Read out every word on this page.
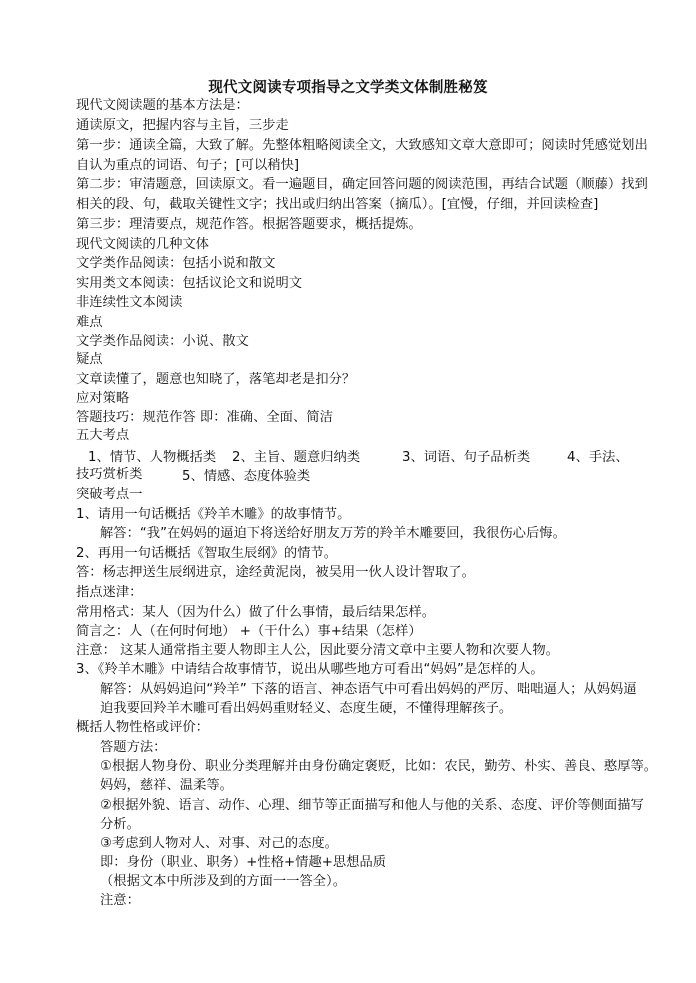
现代文阅读专项指导之文学类文体制胜秘笈
现代文阅读题的基本方法是：
通读原文，把握内容与主旨，三步走
第一步：通读全篇，大致了解。先整体粗略阅读全文，大致感知文章大意即可；阅读时凭感觉划出
自认为重点的词语、句子；[可以稍快]
第二步：审清题意，回读原文。看一遍题目，确定回答问题的阅读范围，再结合试题（顺藤）找到
相关的段、句，截取关键性文字；找出或归纳出答案（摘瓜）。[宜慢，仔细，并回读检查]
第三步：理清要点，规范作答。根据答题要求，概括提炼。
现代文阅读的几种文体
文学类作品阅读：包括小说和散文
实用类文本阅读：包括议论文和说明文
非连续性文本阅读
难点
文学类作品阅读：小说、散文
疑点
文章读懂了，题意也知晓了，落笔却老是扣分？
应对策略
答题技巧：规范作答 即：准确、全面、简洁
五大考点
1、情节、人物概括类 2、主旨、题意归纳类	3、词语、句子品析类	4、手法、
技巧赏析类	5、情感、态度体验类
突破考点一
1、请用一句话概括《羚羊木雕》的故事情节。
解答：“我”在妈妈的逼迫下将送给好朋友万芳的羚羊木雕要回，我很伤心后悔。
2、再用一句话概括《智取生辰纲》的情节。
答：杨志押送生辰纲进京，途经黄泥岗，被吴用一伙人设计智取了。
指点迷津：
常用格式：某人（因为什么）做了什么事情，最后结果怎样。
简言之：人（在何时何地） +（干什么）事+结果（怎样）
注意： 这某人通常指主要人物即主人公，因此要分清文章中主要人物和次要人物。
3、《羚羊木雕》中请结合故事情节，说出从哪些地方可看出“妈妈”是怎样的人。
解答：从妈妈追问“羚羊” 下落的语言、神态语气中可看出妈妈的严厉、咄咄逼人；从妈妈逼
迫我要回羚羊木雕可看出妈妈重财轻义、态度生硬，不懂得理解孩子。
概括人物性格或评价：
答题方法：
①根据人物身份、职业分类理解并由身份确定褒贬，比如：农民，勤劳、朴实、善良、憨厚等。
妈妈，慈祥、温柔等。
②根据外貌、语言、动作、心理、细节等正面描写和他人与他的关系、态度、评价等侧面描写
分析。
③考虑到人物对人、对事、对己的态度。
即：身份（职业、职务）+性格+情趣+思想品质
（根据文本中所涉及到的方面一一答全）。
注意：
